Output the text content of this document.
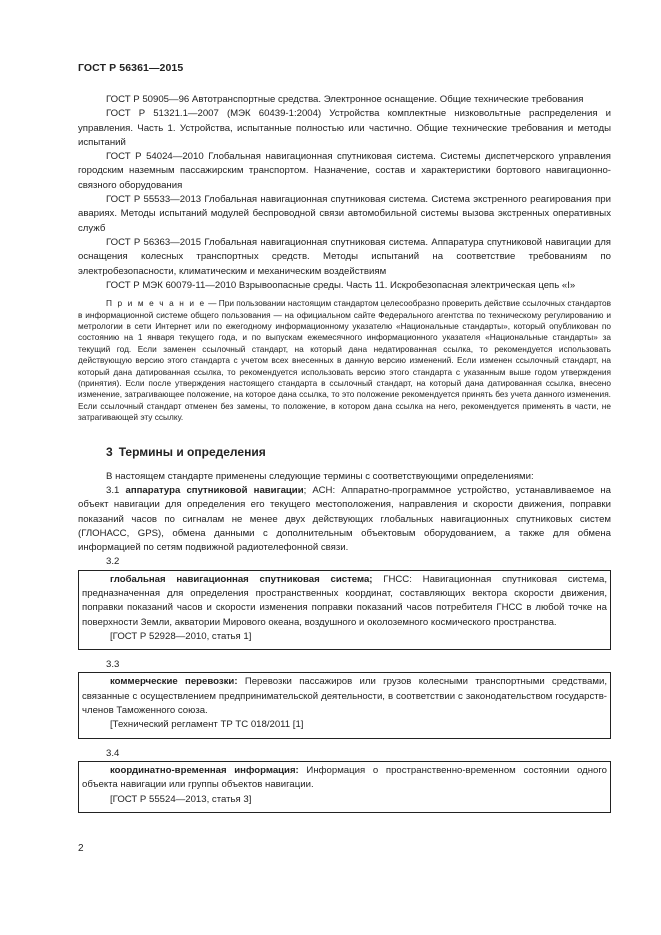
ГОСТ Р 56361—2015

ГОСТ Р 50905—96 Автотранспортные средства. Электронное оснащение. Общие технические требования

ГОСТ Р 51321.1—2007 (МЭК 60439-1:2004) Устройства комплектные низковольтные распределения и управления. Часть 1. Устройства, испытанные полностью или частично. Общие технические требования и методы испытаний

ГОСТ Р 54024—2010 Глобальная навигационная спутниковая система. Системы диспетчерского управления городским наземным пассажирским транспортом. Назначение, состав и характеристики бортового навигационно-связного оборудования

ГОСТ Р 55533—2013 Глобальная навигационная спутниковая система. Система экстренного реагирования при авариях. Методы испытаний модулей беспроводной связи автомобильной системы вызова экстренных оперативных служб

ГОСТ Р 56363—2015 Глобальная навигационная спутниковая система. Аппаратура спутниковой навигации для оснащения колесных транспортных средств. Методы испытаний на соответствие требованиям по электробезопасности, климатическим и механическим воздействиям

ГОСТ Р МЭК 60079-11—2010 Взрывоопасные среды. Часть 11. Искробезопасная электрическая цепь «I»

П р и м е ч а н и е — При пользовании настоящим стандартом целесообразно проверить действие ссылочных стандартов в информационной системе общего пользования — на официальном сайте Федерального агентства по техническому регулированию и метрологии в сети Интернет или по ежегодному информационному указателю «Национальные стандарты», который опубликован по состоянию на 1 января текущего года, и по выпускам ежемесячного информационного указателя «Национальные стандарты» за текущий год. Если заменен ссылочный стандарт, на который дана недатированная ссылка, то рекомендуется использовать действующую версию этого стандарта с учетом всех внесенных в данную версию изменений. Если изменен ссылочный стандарт, на который дана датированная ссылка, то рекомендуется использовать версию этого стандарта с указанным выше годом утверждения (принятия). Если после утверждения настоящего стандарта в ссылочный стандарт, на который дана датированная ссылка, внесено изменение, затрагивающее положение, на которое дана ссылка, то это положение рекомендуется принять без учета данного изменения. Если ссылочный стандарт отменен без замены, то положение, в котором дана ссылка на него, рекомендуется применять в части, не затрагивающей эту ссылку.

3 Термины и определения

В настоящем стандарте применены следующие термины с соответствующими определениями:

3.1 аппаратура спутниковой навигации; АСН: Аппаратно-программное устройство, устанавливаемое на объект навигации для определения его текущего местоположения, направления и скорости движения, поправки показаний часов по сигналам не менее двух действующих глобальных навигационных спутниковых систем (ГЛОНАСС, GPS), обмена данными с дополнительным объектовым оборудованием, а также для обмена информацией по сетям подвижной радиотелефонной связи.

3.2

глобальная навигационная спутниковая система; ГНСС: Навигационная спутниковая система, предназначенная для определения пространственных координат, составляющих вектора скорости движения, поправки показаний часов и скорости изменения поправки показаний часов потребителя ГНСС в любой точке на поверхности Земли, акватории Мирового океана, воздушного и околоземного космического пространства.

[ГОСТ Р 52928—2010, статья 1]

3.3

коммерческие перевозки: Перевозки пассажиров или грузов колесными транспортными средствами, связанные с осуществлением предпринимательской деятельности, в соответствии с законодательством государств-членов Таможенного союза.

[Технический регламент ТР ТС 018/2011 [1]

3.4

координатно-временная информация: Информация о пространственно-временном состоянии одного объекта навигации или группы объектов навигации.

[ГОСТ Р 55524—2013, статья 3]

2
